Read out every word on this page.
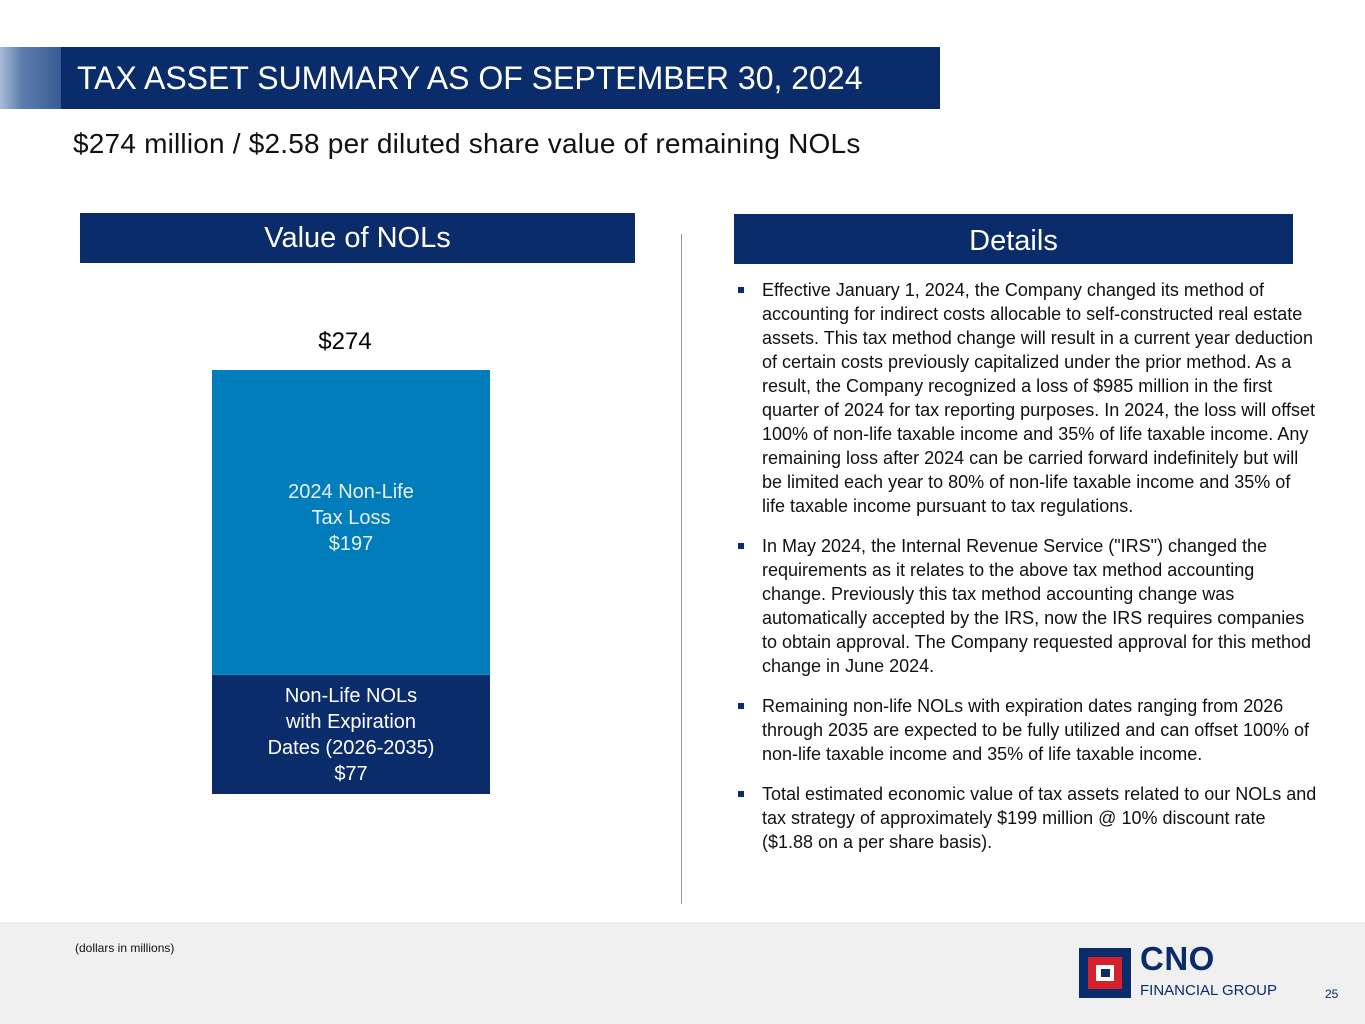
TAX ASSET SUMMARY AS OF SEPTEMBER 30, 2024
$274 million / $2.58 per diluted share value of remaining NOLs
Value of NOLs	Details
Non-Life NOLs
with Expiration
Dates (2026-2035)
$77
2024 Non-Life
Tax Loss
$197
$274
Effective January 1, 2024, the Company changed its method of accounting for indirect costs allocable to self-constructed real estate assets. This tax method change will result in a current year deduction of certain costs previously capitalized under the prior method. As a result, the Company recognized a loss of $985 million in the first quarter of 2024 for tax reporting purposes. In 2024, the loss will offset 100% of non-life taxable income and 35% of life taxable income. Any remaining loss after 2024 can be carried forward indefinitely but will be limited each year to 80% of non-life taxable income and 35% of life taxable income pursuant to tax regulations.
In May 2024, the Internal Revenue Service ("IRS") changed the requirements as it relates to the above tax method accounting change. Previously this tax method accounting change was automatically accepted by the IRS, now the IRS requires companies to obtain approval. The Company requested approval for this method change in June 2024.
Remaining non-life NOLs with expiration dates ranging from 2026 through 2035 are expected to be fully utilized and can offset 100% of non-life taxable income and 35% of life taxable income.
Total estimated economic value of tax assets related to our NOLs and tax strategy of approximately $199 million @ 10% discount rate ($1.88 on a per share basis).
(dollars in millions)	CNO
FINANCIAL GROUP	25
